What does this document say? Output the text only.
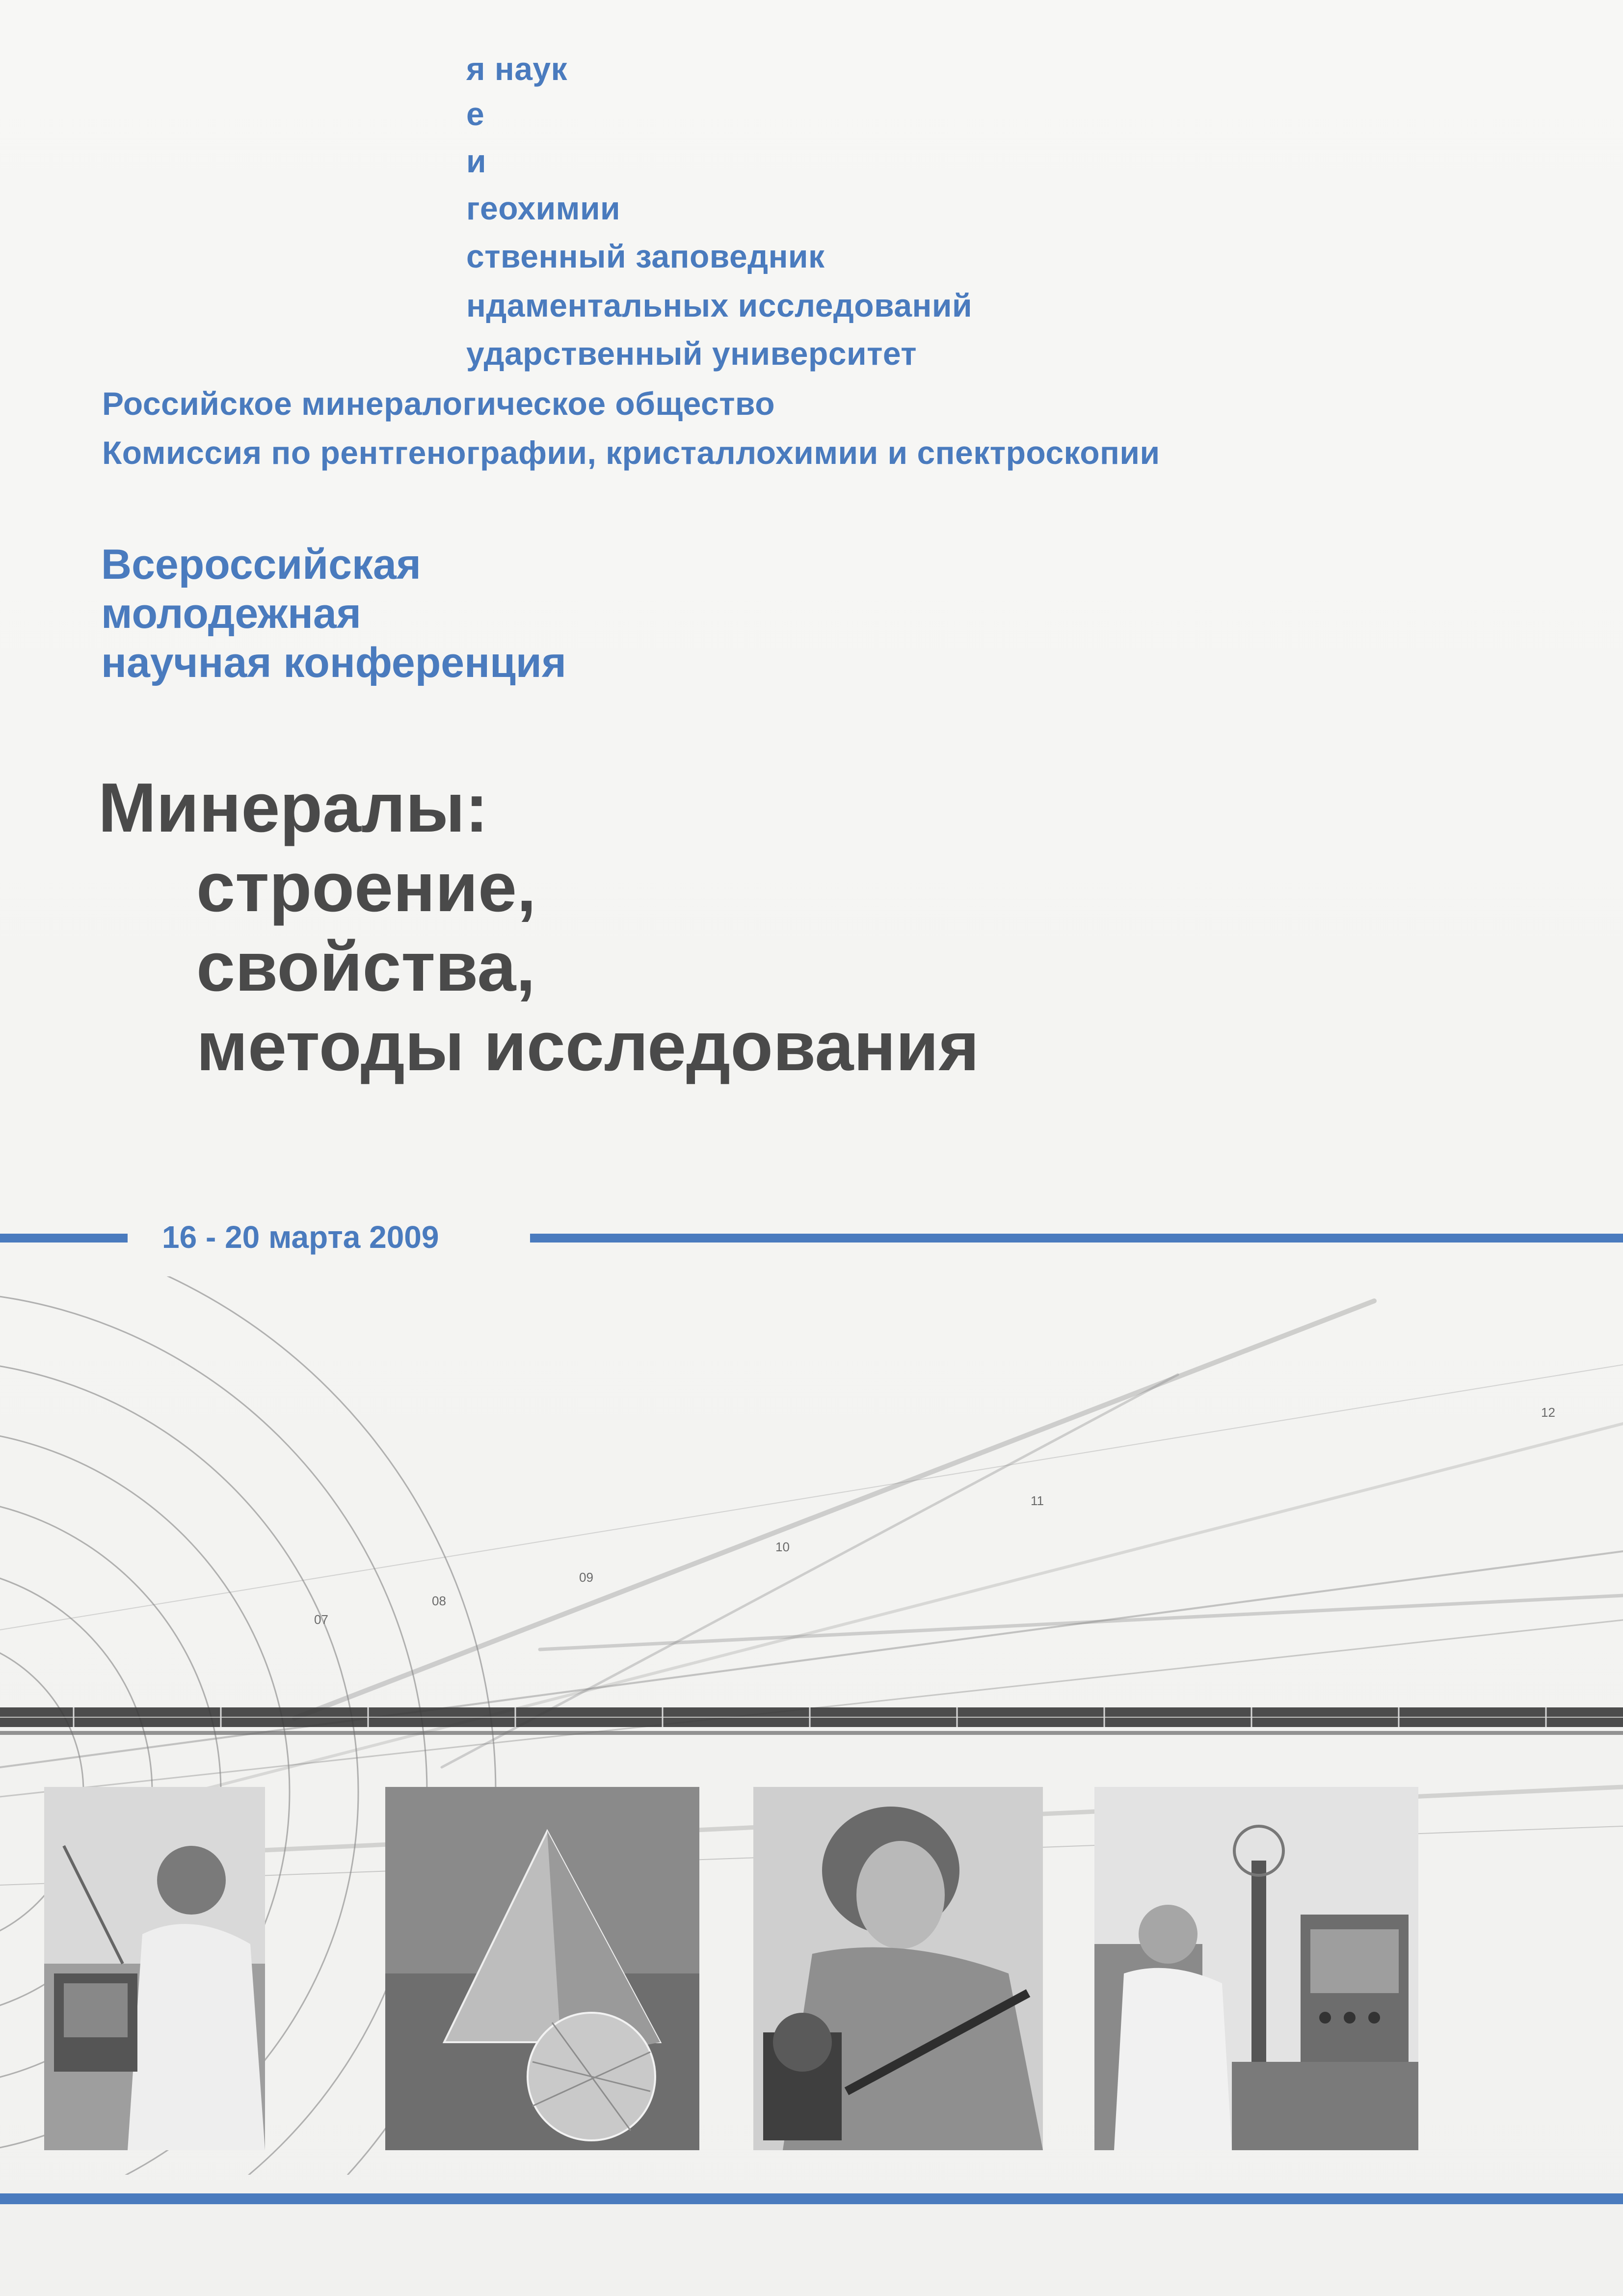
я наук
е
и
геохимии
ственный заповедник
ндаментальных исследований
ударственный университет
Российское минералогическое общество
Комиссия по рентгенографии, кристаллохимии и спектроскопии
Всероссийская
молодежная
научная конференция
Минералы:
строение,
свойства,
методы исследования
16 - 20 марта 2009
07
08
09
10
11
12
